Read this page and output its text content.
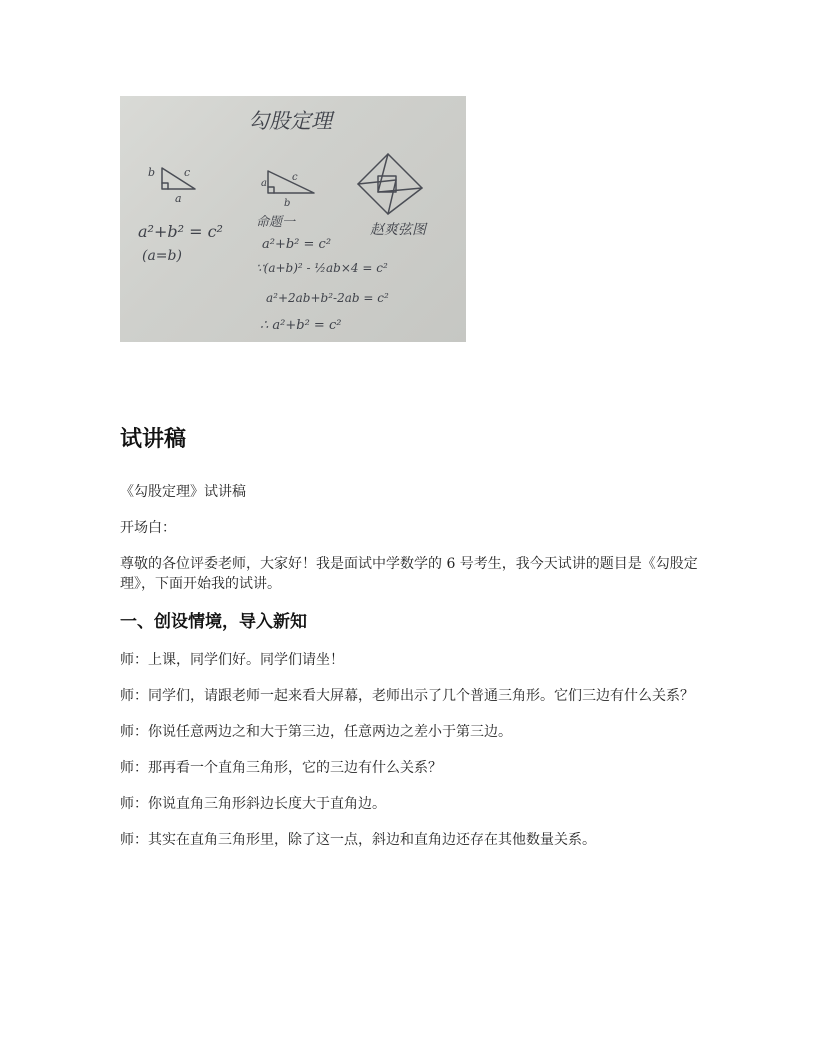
勾股定理
b	c
a
a²+b² = c²
(a=b)
a
c
b
命题一
a²+b² = c²
∵(a+b)² - ½ab×4 = c²
a²+2ab+b²-2ab = c²
∴ a²+b² = c²
赵爽弦图
试讲稿

《勾股定理》试讲稿

开场白：

尊敬的各位评委老师，大家好！我是面试中学数学的 6 号考生，我今天试讲的题目是《勾股定理》，下面开始我的试讲。

一、创设情境，导入新知

师：上课，同学们好。同学们请坐！

师：同学们，请跟老师一起来看大屏幕，老师出示了几个普通三角形。它们三边有什么关系？

师：你说任意两边之和大于第三边，任意两边之差小于第三边。

师：那再看一个直角三角形，它的三边有什么关系？

师：你说直角三角形斜边长度大于直角边。

师：其实在直角三角形里，除了这一点，斜边和直角边还存在其他数量关系。
